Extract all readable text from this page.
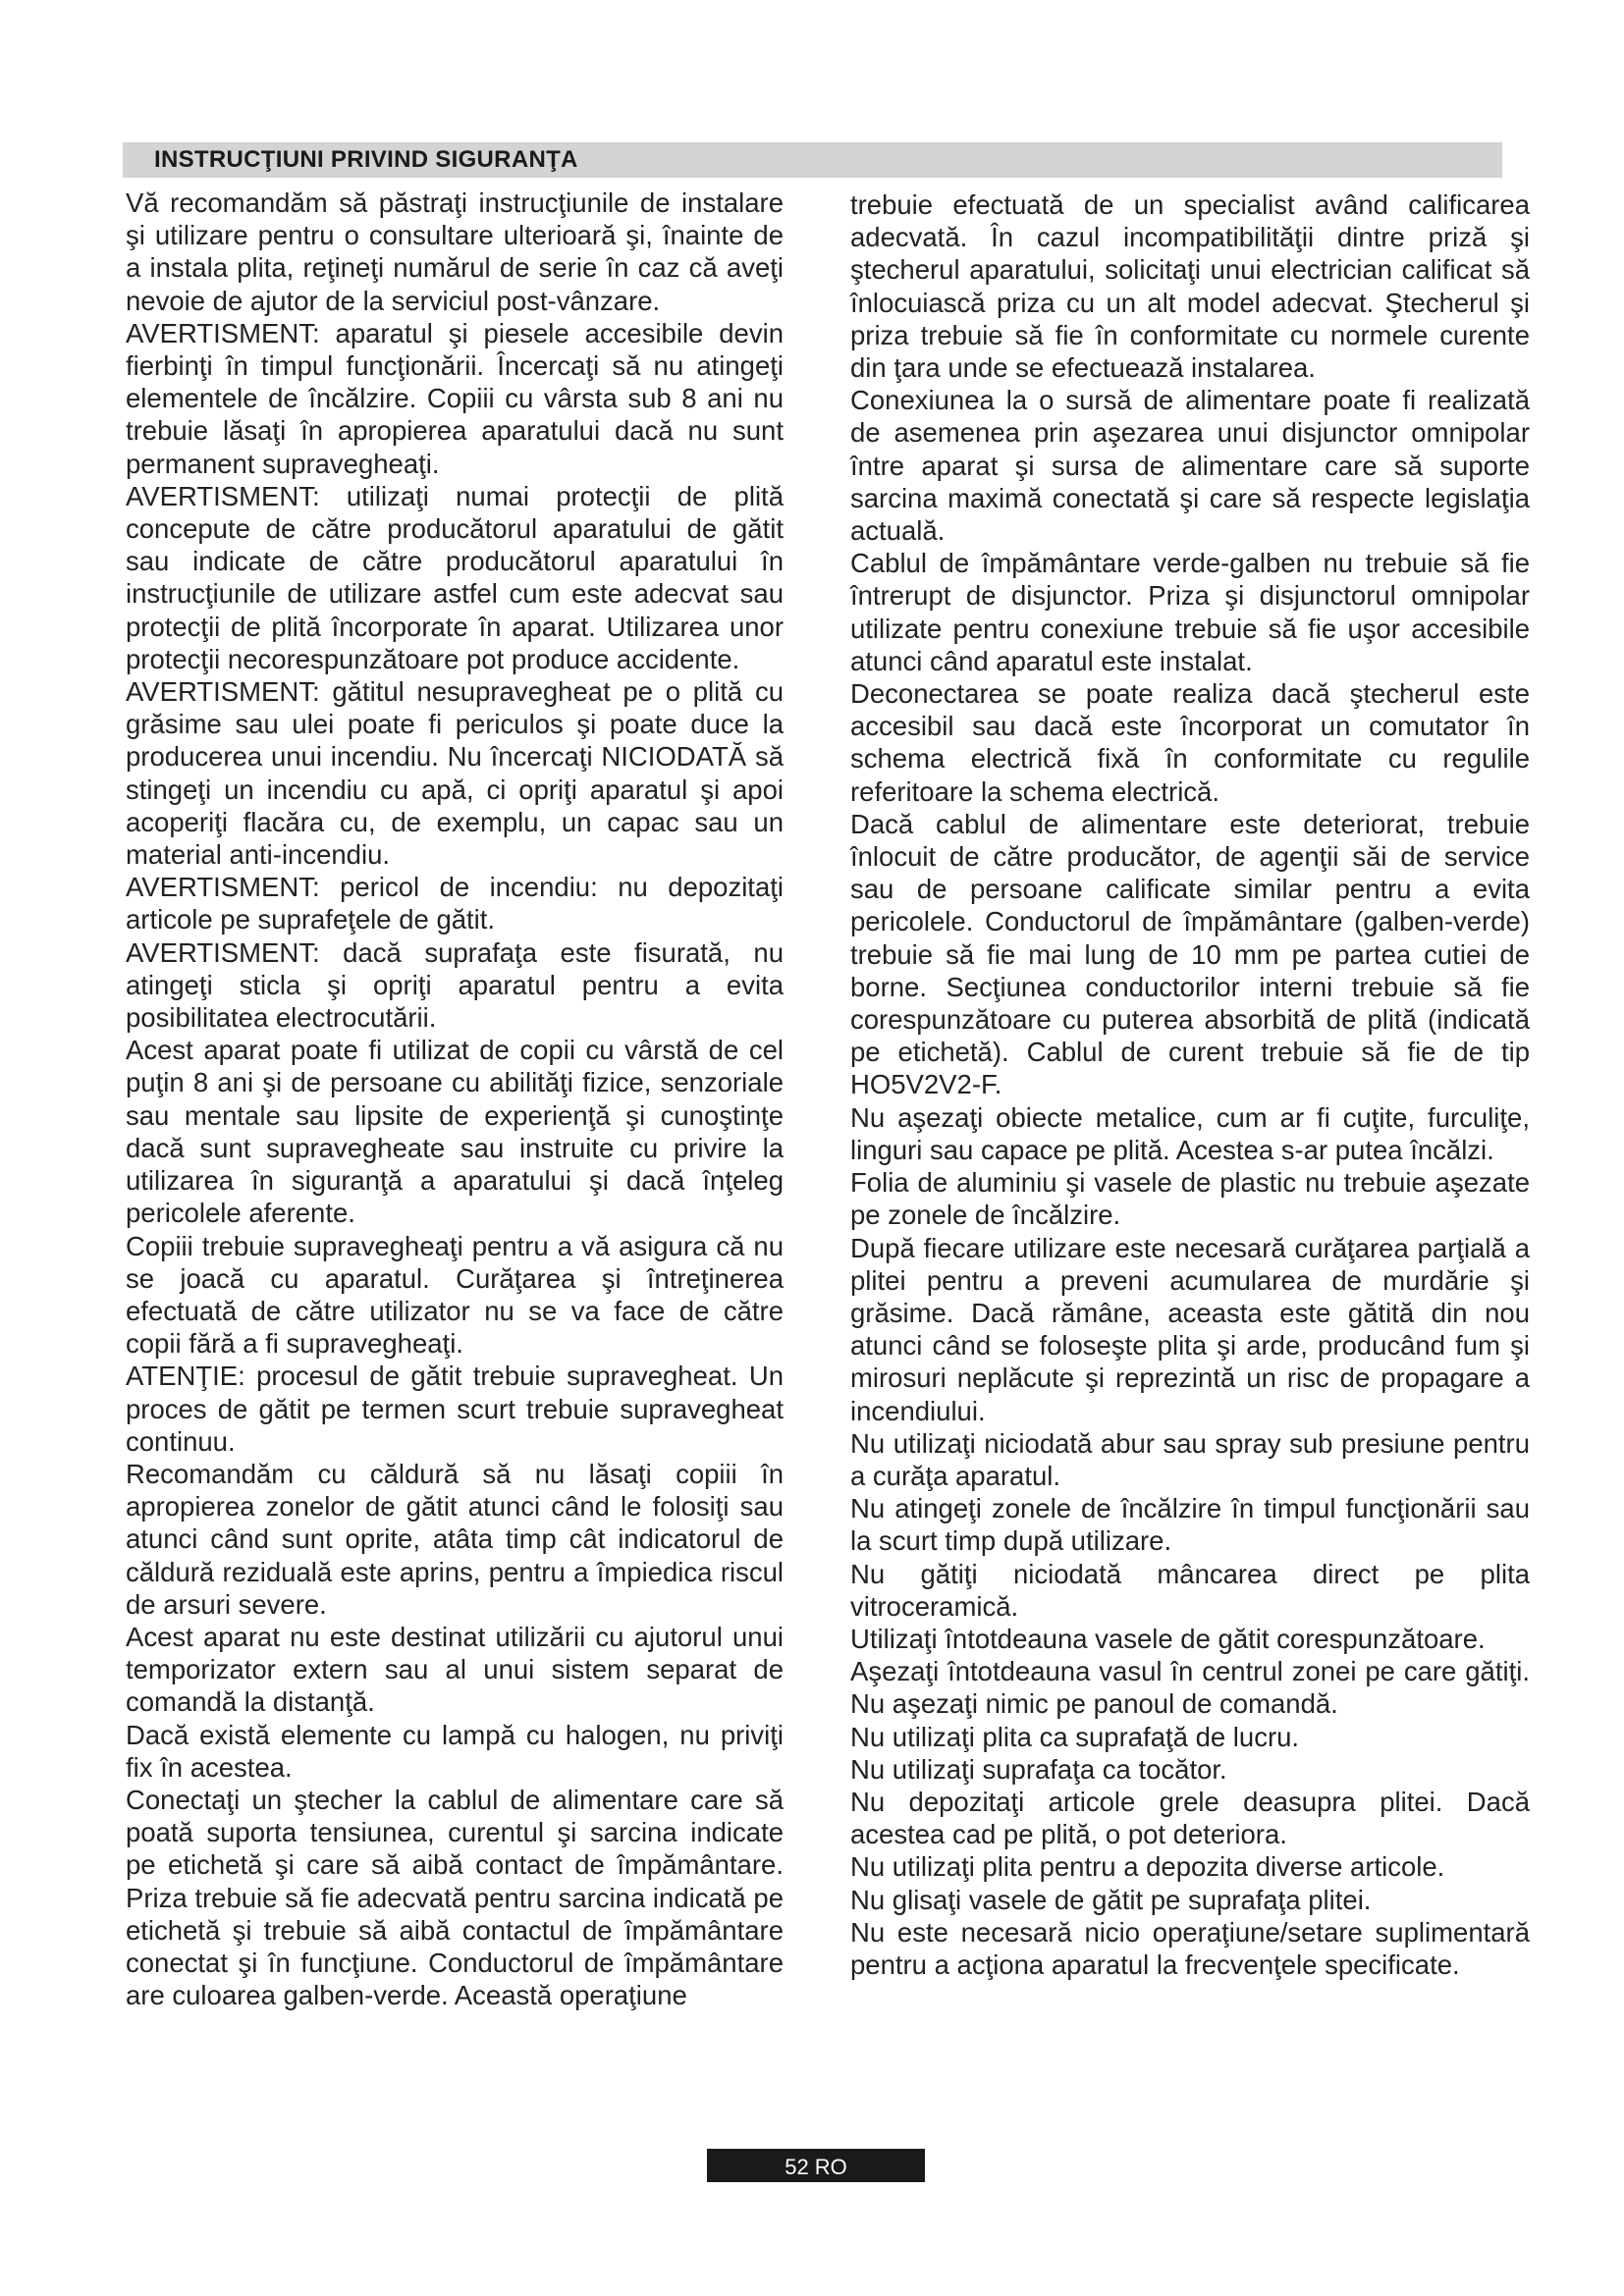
INSTRUCŢIUNI PRIVIND SIGURANŢA

Vă recomandăm să păstraţi instrucţiunile de instalare şi utilizare pentru o consultare ulterioară şi, înainte de a instala plita, reţineţi numărul de serie în caz că aveţi nevoie de ajutor de la serviciul post-vânzare.

AVERTISMENT: aparatul şi piesele accesibile devin fierbinţi în timpul funcţionării. Încercaţi să nu atingeţi elementele de încălzire. Copiii cu vârsta sub 8 ani nu trebuie lăsaţi în apropierea aparatului dacă nu sunt permanent supravegheaţi.

AVERTISMENT: utilizaţi numai protecţii de plită concepute de către producătorul aparatului de gătit sau indicate de către producătorul aparatului în instrucţiunile de utilizare astfel cum este adecvat sau protecţii de plită încorporate în aparat. Utilizarea unor protecţii necorespunzătoare pot produce accidente.

AVERTISMENT: gătitul nesupravegheat pe o plită cu grăsime sau ulei poate fi periculos şi poate duce la producerea unui incendiu. Nu încercaţi NICIODATĂ să stingeţi un incendiu cu apă, ci opriţi aparatul şi apoi acoperiţi flacăra cu, de exemplu, un capac sau un material anti-incendiu.

AVERTISMENT: pericol de incendiu: nu depozitaţi articole pe suprafeţele de gătit.

AVERTISMENT: dacă suprafaţa este fisurată, nu atingeţi sticla şi opriţi aparatul pentru a evita posibilitatea electrocutării.

Acest aparat poate fi utilizat de copii cu vârstă de cel puţin 8 ani şi de persoane cu abilităţi fizice, senzoriale sau mentale sau lipsite de experienţă şi cunoştinţe dacă sunt supravegheate sau instruite cu privire la utilizarea în siguranţă a aparatului şi dacă înţeleg pericolele aferente.

Copiii trebuie supravegheaţi pentru a vă asigura că nu se joacă cu aparatul. Curăţarea şi întreţinerea efectuată de către utilizator nu se va face de către copii fără a fi supravegheaţi.

ATENŢIE: procesul de gătit trebuie supravegheat. Un proces de gătit pe termen scurt trebuie supravegheat continuu.

Recomandăm cu căldură să nu lăsaţi copiii în apropierea zonelor de gătit atunci când le folosiţi sau atunci când sunt oprite, atâta timp cât indicatorul de căldură reziduală este aprins, pentru a împiedica riscul de arsuri severe.

Acest aparat nu este destinat utilizării cu ajutorul unui temporizator extern sau al unui sistem separat de comandă la distanţă.

Dacă există elemente cu lampă cu halogen, nu priviţi fix în acestea.

Conectaţi un ştecher la cablul de alimentare care să poată suporta tensiunea, curentul şi sarcina indicate pe etichetă şi care să aibă contact de împământare. Priza trebuie să fie adecvată pentru sarcina indicată pe etichetă şi trebuie să aibă contactul de împământare conectat şi în funcţiune. Conductorul de împământare are culoarea galben-verde. Această operaţiune

trebuie efectuată de un specialist având calificarea adecvată. În cazul incompatibilităţii dintre priză şi ştecherul aparatului, solicitaţi unui electrician calificat să înlocuiască priza cu un alt model adecvat. Ştecherul şi priza trebuie să fie în conformitate cu normele curente din ţara unde se efectuează instalarea.

Conexiunea la o sursă de alimentare poate fi realizată de asemenea prin aşezarea unui disjunctor omnipolar între aparat şi sursa de alimentare care să suporte sarcina maximă conectată şi care să respecte legislaţia actuală.

Cablul de împământare verde-galben nu trebuie să fie întrerupt de disjunctor. Priza şi disjunctorul omnipolar utilizate pentru conexiune trebuie să fie uşor accesibile atunci când aparatul este instalat.

Deconectarea se poate realiza dacă ştecherul este accesibil sau dacă este încorporat un comutator în schema electrică fixă în conformitate cu regulile referitoare la schema electrică.

Dacă cablul de alimentare este deteriorat, trebuie înlocuit de către producător, de agenţii săi de service sau de persoane calificate similar pentru a evita pericolele. Conductorul de împământare (galben-verde) trebuie să fie mai lung de 10 mm pe partea cutiei de borne. Secţiunea conductorilor interni trebuie să fie corespunzătoare cu puterea absorbită de plită (indicată pe etichetă). Cablul de curent trebuie să fie de tip HO5V2V2-F.

Nu aşezaţi obiecte metalice, cum ar fi cuţite, furculiţe, linguri sau capace pe plită. Acestea s-ar putea încălzi.

Folia de aluminiu şi vasele de plastic nu trebuie aşezate pe zonele de încălzire.

După fiecare utilizare este necesară curăţarea parţială a plitei pentru a preveni acumularea de murdărie şi grăsime. Dacă rămâne, aceasta este gătită din nou atunci când se foloseşte plita şi arde, producând fum şi mirosuri neplăcute şi reprezintă un risc de propagare a incendiului.

Nu utilizaţi niciodată abur sau spray sub presiune pentru a curăţa aparatul.

Nu atingeţi zonele de încălzire în timpul funcţionării sau la scurt timp după utilizare.

Nu gătiţi niciodată mâncarea direct pe plita vitroceramică.

Utilizaţi întotdeauna vasele de gătit corespunzătoare.

Aşezaţi întotdeauna vasul în centrul zonei pe care gătiţi. Nu aşezaţi nimic pe panoul de comandă.

Nu utilizaţi plita ca suprafaţă de lucru.

Nu utilizaţi suprafaţa ca tocător.

Nu depozitaţi articole grele deasupra plitei. Dacă acestea cad pe plită, o pot deteriora.

Nu utilizaţi plita pentru a depozita diverse articole.

Nu glisaţi vasele de gătit pe suprafaţa plitei.

Nu este necesară nicio operaţiune/setare suplimentară pentru a acţiona aparatul la frecvenţele specificate.

52 RO
